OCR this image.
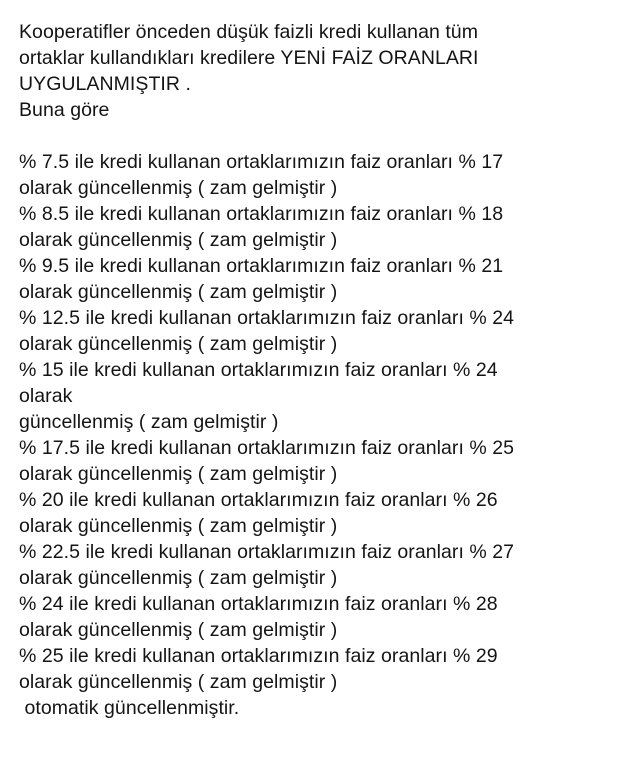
Kooperatifler önceden düşük faizli kredi kullanan tüm
ortaklar kullandıkları kredilere YENİ FAİZ ORANLARI
UYGULANMIŞTIR .
Buna göre
% 7.5 ile kredi kullanan ortaklarımızın faiz oranları % 17
olarak güncellenmiş ( zam gelmiştir )
% 8.5 ile kredi kullanan ortaklarımızın faiz oranları % 18
olarak güncellenmiş ( zam gelmiştir )
% 9.5 ile kredi kullanan ortaklarımızın faiz oranları % 21
olarak güncellenmiş ( zam gelmiştir )
% 12.5 ile kredi kullanan ortaklarımızın faiz oranları % 24
olarak güncellenmiş ( zam gelmiştir )
% 15 ile kredi kullanan ortaklarımızın faiz oranları % 24
olarak
güncellenmiş ( zam gelmiştir )
% 17.5 ile kredi kullanan ortaklarımızın faiz oranları % 25
olarak güncellenmiş ( zam gelmiştir )
% 20 ile kredi kullanan ortaklarımızın faiz oranları % 26
olarak güncellenmiş ( zam gelmiştir )
% 22.5 ile kredi kullanan ortaklarımızın faiz oranları % 27
olarak güncellenmiş ( zam gelmiştir )
% 24 ile kredi kullanan ortaklarımızın faiz oranları % 28
olarak güncellenmiş ( zam gelmiştir )
% 25 ile kredi kullanan ortaklarımızın faiz oranları % 29
olarak güncellenmiş ( zam gelmiştir )
otomatik güncellenmiştir.
